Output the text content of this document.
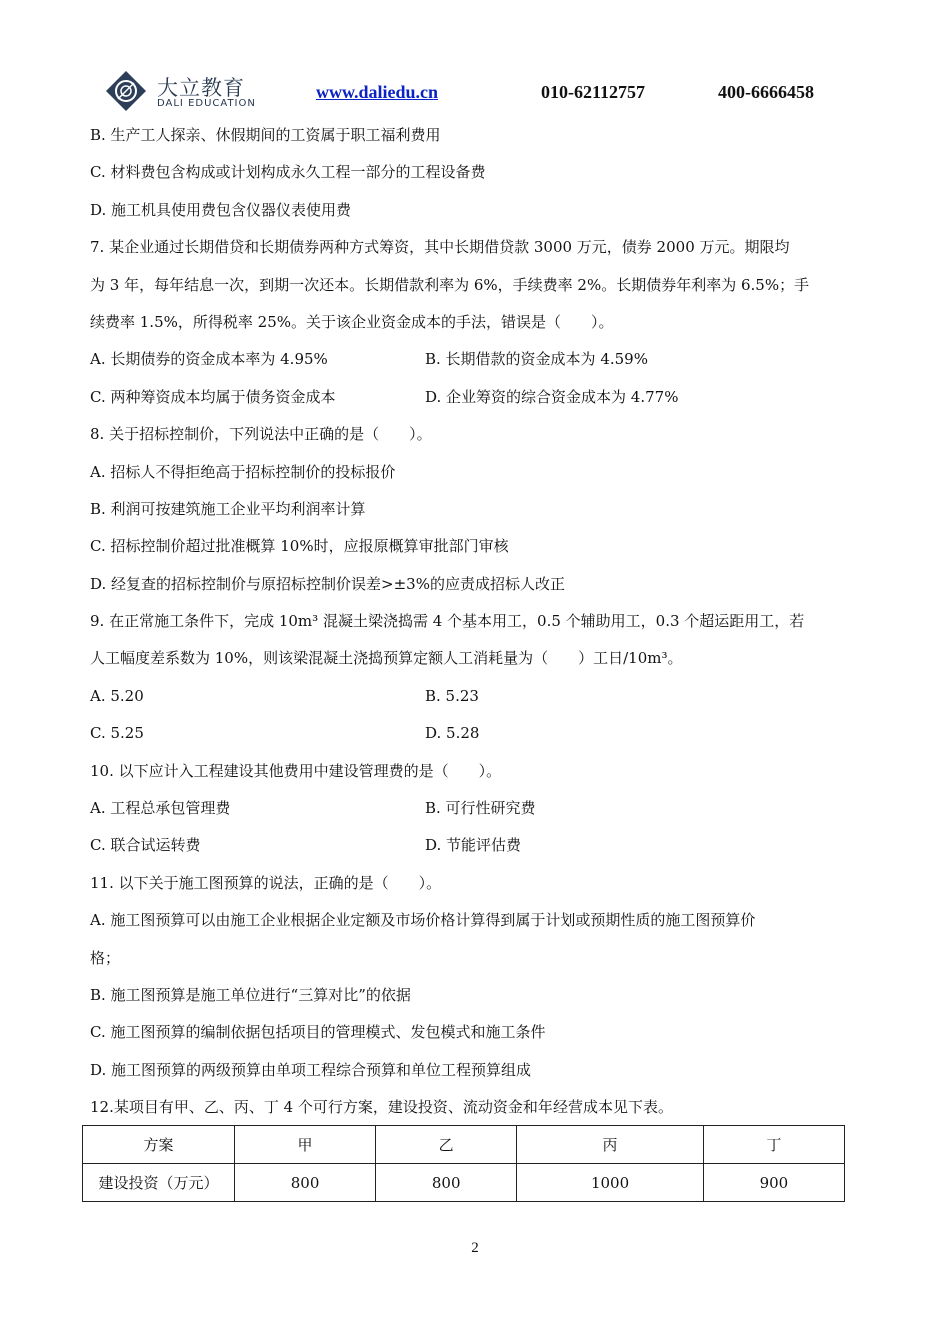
大立教育
DALI EDUCATION
www.daliedu.cn	010-62112757	400-6666458
B. 生产工人探亲、休假期间的工资属于职工福利费用
C. 材料费包含构成或计划构成永久工程一部分的工程设备费
D. 施工机具使用费包含仪器仪表使用费
7. 某企业通过长期借贷和长期债券两种方式筹资，其中长期借贷款 3000 万元，债券 2000 万元。期限均
为 3 年，每年结息一次，到期一次还本。长期借款利率为 6%，手续费率 2%。长期债券年利率为 6.5%；手
续费率 1.5%，所得税率 25%。关于该企业资金成本的手法，错误是（　　）。
A. 长期债券的资金成本率为 4.95%	B. 长期借款的资金成本为 4.59%
C. 两种筹资成本均属于债务资金成本	D. 企业筹资的综合资金成本为 4.77%
8. 关于招标控制价，下列说法中正确的是（　　）。
A. 招标人不得拒绝高于招标控制价的投标报价
B. 利润可按建筑施工企业平均利润率计算
C. 招标控制价超过批准概算 10%时，应报原概算审批部门审核
D. 经复查的招标控制价与原招标控制价误差>±3%的应责成招标人改正
9. 在正常施工条件下，完成 10m³ 混凝土梁浇捣需 4 个基本用工，0.5 个辅助用工，0.3 个超运距用工，若
人工幅度差系数为 10%，则该梁混凝土浇捣预算定额人工消耗量为（　　）工日/10m³。
A. 5.20	B. 5.23
C. 5.25	D. 5.28
10. 以下应计入工程建设其他费用中建设管理费的是（　　）。
A. 工程总承包管理费	B. 可行性研究费
C. 联合试运转费	D. 节能评估费
11. 以下关于施工图预算的说法，正确的是（　　）。
A. 施工图预算可以由施工企业根据企业定额及市场价格计算得到属于计划或预期性质的施工图预算价
格；
B. 施工图预算是施工单位进行“三算对比”的依据
C. 施工图预算的编制依据包括项目的管理模式、发包模式和施工条件
D. 施工图预算的两级预算由单项工程综合预算和单位工程预算组成
12.某项目有甲、乙、丙、丁 4 个可行方案，建设投资、流动资金和年经营成本见下表。
方案	甲	乙	丙	丁
建设投资（万元）	800	800	1000	900
2
